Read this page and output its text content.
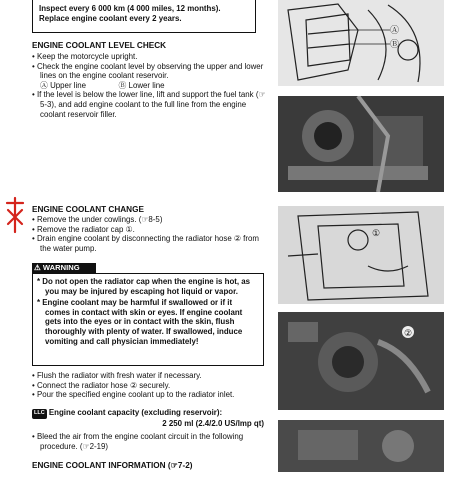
Inspect every 6 000 km (4 000 miles, 12 months).
Replace engine coolant every 2 years.
ENGINE COOLANT LEVEL CHECK

• Keep the motorcycle upright.

• Check the engine coolant level by observing the upper and lower lines on the engine coolant reservoir.

Ⓐ Upper line	Ⓑ Lower line

• If the level is below the lower line, lift and support the fuel tank (☞5-3), and add engine coolant to the full line from the engine coolant reservoir filler.

ENGINE COOLANT CHANGE

• Remove the under cowlings. (☞8-5)

• Remove the radiator cap ①.

• Drain engine coolant by disconnecting the radiator hose ② from the water pump.

⚠ WARNING

* Do not open the radiator cap when the engine is hot, as you may be injured by escaping hot liquid or vapor.

* Engine coolant may be harmful if swallowed or if it comes in contact with skin or eyes. If engine coolant gets into the eyes or in contact with the skin, flush thoroughly with plenty of water. If swallowed, induce vomiting and call physician immediately!

• Flush the radiator with fresh water if necessary.

• Connect the radiator hose ② securely.

• Pour the specified engine coolant up to the radiator inlet.

LLC Engine coolant capacity (excluding reservoir):
2 250 ml (2.4/2.0 US/lmp qt)

• Bleed the air from the engine coolant circuit in the following procedure. (☞2-19)

ENGINE COOLANT INFORMATION (☞7-2)
Ⓐ
Ⓑ
①
②
